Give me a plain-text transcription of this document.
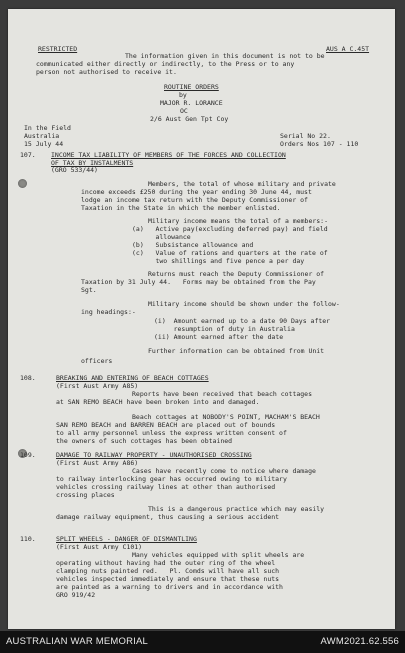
RESTRICTED	AUS A C.45T
The information given in this document is not to be
communicated either directly or indirectly, to the Press or to any
person not authorised to receive it.
ROUTINE ORDERS
by
MAJOR R. LORANCE
OC
2/6 Aust Gen Tpt Coy
In the Field
Australia
15 July 44
Serial No 22.
Orders Nos 107 - 110
107. INCOME TAX LIABILITY OF MEMBERS OF THE FORCES AND COLLECTION
OF TAX BY INSTALMENTS
(GRO 533/44)
Members, the total of whose military and private
income exceeds £250 during the year ending 30 June 44, must
lodge an income tax return with the Deputy Commissioner of
Taxation in the State in which the member enlisted.
Military income means the total of a members:-
(a)   Active pay(excluding deferred pay) and field
allowance
(b)   Subsistance allowance and
(c)   Value of rations and quarters at the rate of
two shillings and five pence a per day
Returns must reach the Deputy Commissioner of
Taxation by 31 July 44.   Forms may be obtained from the Pay
Sgt.
Military income should be shown under the follow-
ing headings:-
(i)  Amount earned up to a date 90 Days after
resumption of duty in Australia
(ii) Amount earned after the date
Further information can be obtained from Unit
officers
108.	BREAKING AND ENTERING OF BEACH COTTAGES
(First Aust Army A85)
Reports have been received that beach cottages
at SAN REMO BEACH have been broken into and damaged.
Beach cottages at NOBODY'S POINT, MACHAM'S BEACH
SAN REMO BEACH and BARREN BEACH are placed out of bounds
to all army personnel unless the express written consent of
the owners of such cottages has been obtained
109.	DAMAGE TO RAILWAY PROPERTY - UNAUTHORISED CROSSING
(First Aust Army A86)
Cases have recently come to notice where damage
to railway interlocking gear has occurred owing to military
vehicles crossing railway lines at other than authorised
crossing places
This is a dangerous practice which may easily
damage railway equipment, thus causing a serious accident
110.	SPLIT WHEELS - DANGER OF DISMANTLING
(First Aust Army C101)
Many vehicles equipped with split wheels are
operating without having had the outer ring of the wheel
clamping nuts painted red.   Pl. Comds will have all such
vehicles inspected immediately and ensure that these nuts
are painted as a warning to drivers and in accordance with
GRO 919/42
AUSTRALIAN WAR MEMORIAL	AWM2021.62.556
